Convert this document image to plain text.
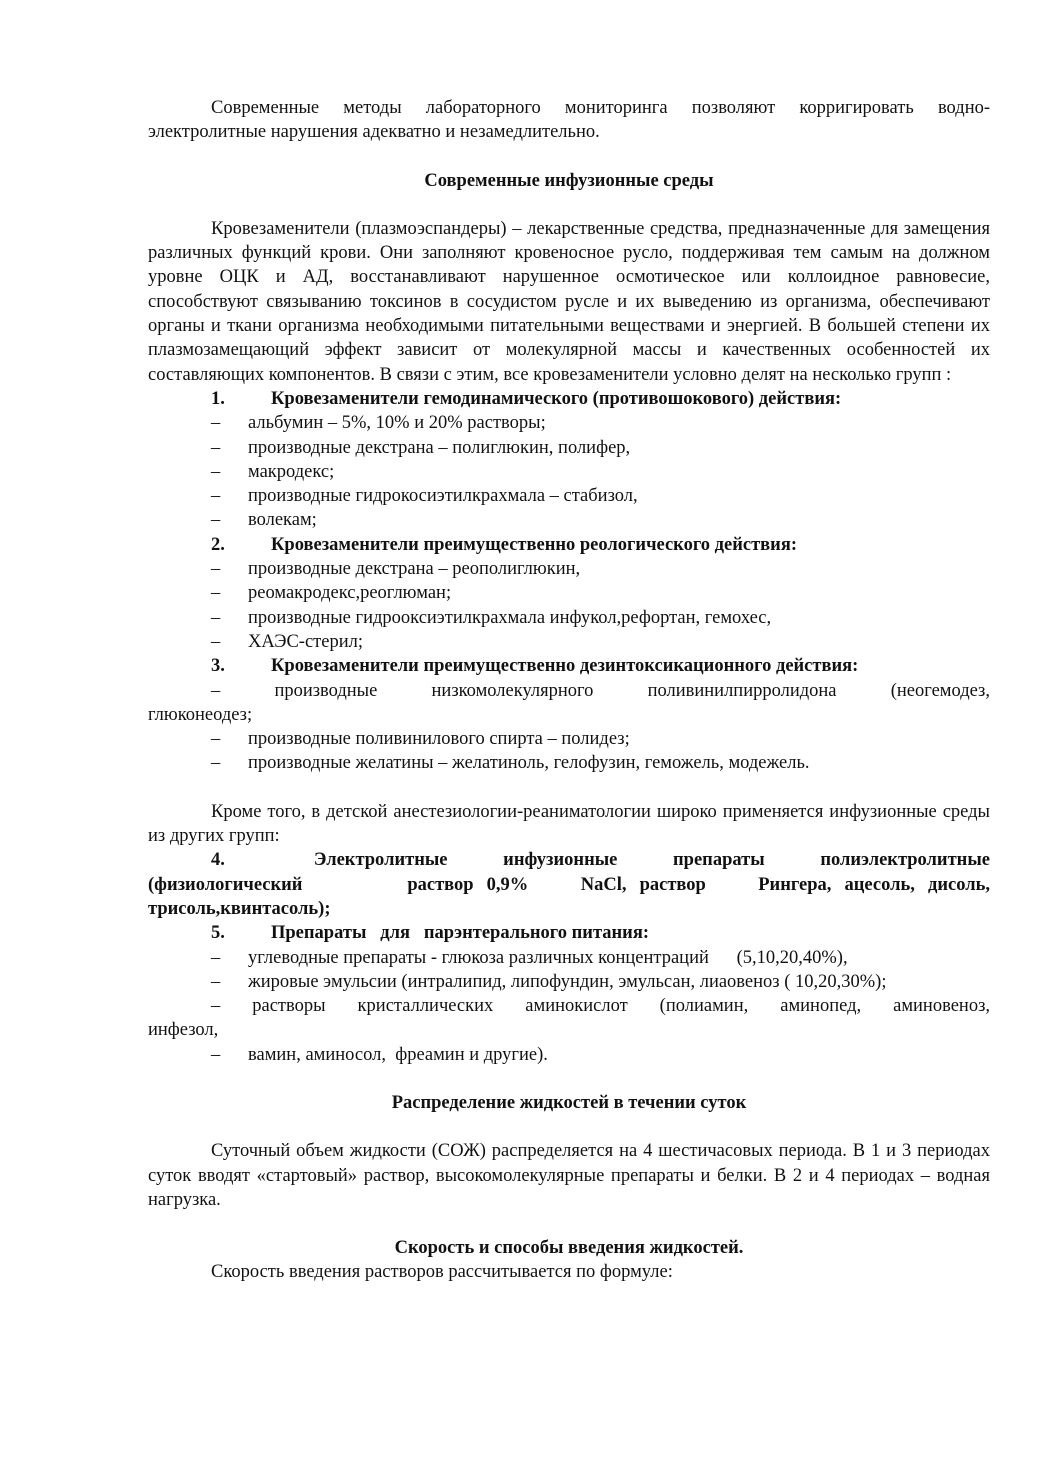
Современные методы лабораторного мониторинга позволяют корригировать водно-электролитные нарушения адекватно и незамедлительно.

Современные инфузионные среды

Кровезаменители (плазмоэспандеры) – лекарственные средства, предназначенные для замещения различных функций крови. Они заполняют кровеносное русло, поддерживая тем самым на должном уровне ОЦК и АД, восстанавливают нарушенное осмотическое или коллоидное равновесие, способствуют связыванию токсинов в сосудистом русле и их выведению из организма, обеспечивают органы и ткани организма необходимыми питательными веществами и энергией. В большей степени их плазмозамещающий эффект зависит от молекулярной массы и качественных особенностей их составляющих компонентов. В связи с этим, все кровезаменители условно делят на несколько групп :

1.	Кровезаменители гемодинамического (противошокового) действия:
–	альбумин – 5%, 10% и 20% растворы;
–	производные декстрана – полиглюкин, полифер,
–	макродекс;
–	производные гидрокосиэтилкрахмала – стабизол,
–	волекам;
2.	Кровезаменители преимущественно реологического действия:
–	производные декстрана – реополиглюкин,
–	реомакродекс,реоглюман;
–	производные гидрооксиэтилкрахмала инфукол,рефортан, гемохес,
–	ХАЭС-стерил;
3.	Кровезаменители преимущественно дезинтоксикационного действия:

– производные низкомолекулярного поливинилпирролидона (неогемодез,

глюконеодез;

–	производные поливинилового спирта – полидез;
–	производные желатины – желатиноль, гелофузин, геможель, модежель.

Кроме того, в детской анестезиологии-реаниматологии широко применяется инфузионные среды из других групп:

4.        Электролитные     инфузионные     препараты     полиэлектролитные

(физиологический        раствор 0,9%    NaCl, раствор    Рингера, ацесоль, дисоль,

трисоль,квинтасоль);

5.	Препараты   для   парэнтерального питания:
–	углеводные препараты - глюкоза различных концентраций      (5,10,20,40%),
–	жировые эмульсии (интралипид, липофундин, эмульсан, лиаовеноз ( 10,20,30%);

– растворы кристаллических аминокислот (полиамин, аминопед, аминовеноз,

инфезол,

–	вамин, аминосол,  фреамин и другие).

Распределение жидкостей в течении суток

Суточный объем жидкости (СОЖ) распределяется на 4 шестичасовых периода. В 1 и 3 периодах суток вводят «стартовый» раствор, высокомолекулярные препараты и белки. В 2 и 4 периодах – водная нагрузка.

Скорость и способы введения жидкостей.

Скорость введения растворов рассчитывается по формуле:
